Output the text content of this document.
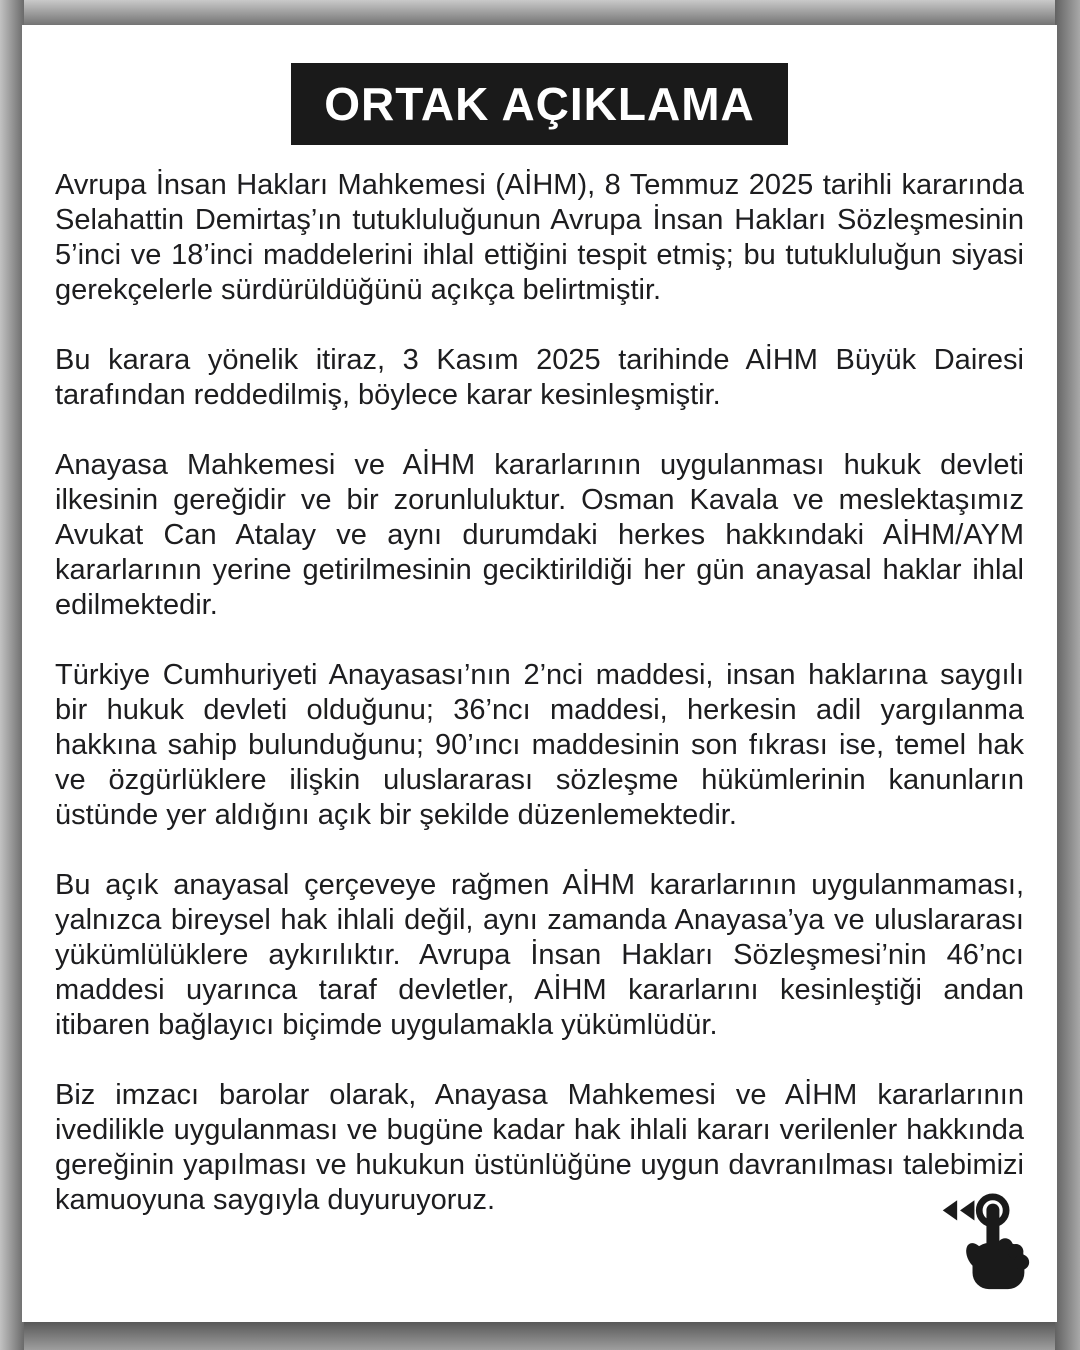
ORTAK AÇIKLAMA

Avrupa İnsan Hakları Mahkemesi (AİHM), 8 Temmuz 2025 tarihli kararında Selahattin Demirtaş’ın tutukluluğunun Avrupa İnsan Hakları Sözleşmesinin 5’inci ve 18’inci maddelerini ihlal ettiğini tespit etmiş; bu tutukluluğun siyasi gerekçelerle sürdürüldüğünü açıkça belirtmiştir.

Bu karara yönelik itiraz, 3 Kasım 2025 tarihinde AİHM Büyük Dairesi tarafından reddedilmiş, böylece karar kesinleşmiştir.

Anayasa Mahkemesi ve AİHM kararlarının uygulanması hukuk devleti ilkesinin gereğidir ve bir zorunluluktur. Osman Kavala ve meslektaşımız Avukat Can Atalay ve aynı durumdaki herkes hakkındaki AİHM/AYM kararlarının yerine getirilmesinin geciktirildiği her gün anayasal haklar ihlal edilmektedir.

Türkiye Cumhuriyeti Anayasası’nın 2’nci maddesi, insan haklarına saygılı bir hukuk devleti olduğunu; 36’ncı maddesi, herkesin adil yargılanma hakkına sahip bulunduğunu; 90’ıncı maddesinin son fıkrası ise, temel hak ve özgürlüklere ilişkin uluslararası sözleşme hükümlerinin kanunların üstünde yer aldığını açık bir şekilde düzenlemektedir.

Bu açık anayasal çerçeveye rağmen AİHM kararlarının uygulanmaması, yalnızca bireysel hak ihlali değil, aynı zamanda Anayasa’ya ve uluslararası yükümlülüklere aykırılıktır. Avrupa İnsan Hakları Sözleşmesi’nin 46’ncı maddesi uyarınca taraf devletler, AİHM kararlarını kesinleştiği andan itibaren bağlayıcı biçimde uygulamakla yükümlüdür.

Biz imzacı barolar olarak, Anayasa Mahkemesi ve AİHM kararlarının ivedilikle uygulanması ve bugüne kadar hak ihlali kararı verilenler hakkında gereğinin yapılması ve hukukun üstünlüğüne uygun davranılması talebimizi kamuoyuna saygıyla duyuruyoruz.
